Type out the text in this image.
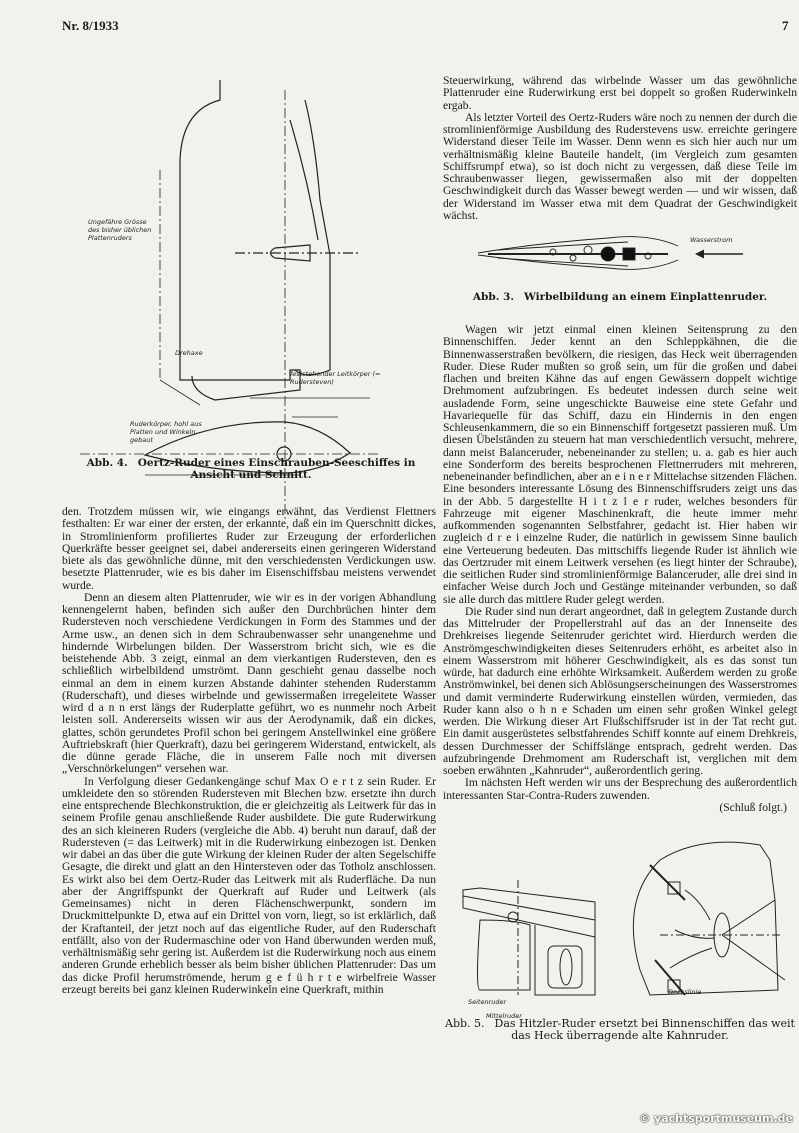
Nr. 8/1933	7
Ungefähre Grösse des bisher üblichen Plattenruders
Drehaxe
feststehender Leitkörper (= Rudersteven)
Ruderkörper, hohl aus Platten und Winkeln gebaut
Abb. 4. Oertz-Ruder eines Einschrauben-Seeschiffes in Ansicht und Schnitt.

den. Trotzdem müssen wir, wie eingangs erwähnt, das Verdienst Flettners festhalten: Er war einer der ersten, der erkannte, daß ein im Querschnitt dickes, in Stromlinienform profiliertes Ruder zur Erzeugung der erforderlichen Querkräfte besser geeignet sei, dabei andererseits einen geringeren Widerstand biete als das gewöhnliche dünne, mit den verschiedensten Verdickungen usw. besetzte Plattenruder, wie es bis daher im Eisenschiffsbau meistens verwendet wurde.

Denn an diesem alten Plattenruder, wie wir es in der vorigen Abhandlung kennengelernt haben, befinden sich außer den Durchbrüchen hinter dem Rudersteven noch verschiedene Verdickungen in Form des Stammes und der Arme usw., an denen sich in dem Schraubenwasser sehr unangenehme und hindernde Wirbelungen bilden. Der Wasserstrom bricht sich, wie es die beistehende Abb. 3 zeigt, einmal an dem vierkantigen Rudersteven, den es schließlich wirbelbildend umströmt. Dann geschieht genau dasselbe noch einmal an dem in einem kurzen Abstande dahinter stehenden Ruderstamm (Ruderschaft), und dieses wirbelnde und gewissermaßen irregeleitete Wasser wird d a n n erst längs der Ruderplatte geführt, wo es nunmehr noch Arbeit leisten soll. Andererseits wissen wir aus der Aerodynamik, daß ein dickes, glattes, schön gerundetes Profil schon bei geringem Anstellwinkel eine größere Auftriebskraft (hier Querkraft), dazu bei geringerem Widerstand, entwickelt, als die dünne gerade Fläche, die in unserem Falle noch mit diversen „Verschnörkelungen“ versehen war.

In Verfolgung dieser Gedankengänge schuf Max O e r t z sein Ruder. Er umkleidete den so störenden Rudersteven mit Blechen bzw. ersetzte ihn durch eine entsprechende Blechkonstruktion, die er gleichzeitig als Leitwerk für das in seinem Profile genau anschließende Ruder ausbildete. Die gute Ruderwirkung des an sich kleineren Ruders (vergleiche die Abb. 4) beruht nun darauf, daß der Rudersteven (= das Leitwerk) mit in die Ruderwirkung einbezogen ist. Denken wir dabei an das über die gute Wirkung der kleinen Ruder der alten Segelschiffe Gesagte, die direkt und glatt an den Hintersteven oder das Totholz anschlossen. Es wirkt also bei dem Oertz-Ruder das Leitwerk mit als Ruderfläche. Da nun aber der Angriffspunkt der Querkraft auf Ruder und Leitwerk (als Gemeinsames) nicht in deren Flächenschwerpunkt, sondern im Druckmittelpunkte D, etwa auf ein Drittel von vorn, liegt, so ist erklärlich, daß der Kraftanteil, der jetzt noch auf das eigentliche Ruder, auf den Ruderschaft entfällt, also von der Rudermaschine oder von Hand überwunden werden muß, verhältnismäßig sehr gering ist. Außerdem ist die Ruderwirkung noch aus einem anderen Grunde erheblich besser als beim bisher üblichen Plattenruder: Das um das dicke Profil herumströmende, herum g e f ü h r t e wirbelfreie Wasser erzeugt bereits bei ganz kleinen Ruderwinkeln eine Querkraft, mithin

Steuerwirkung, während das wirbelnde Wasser um das gewöhnliche Plattenruder eine Ruderwirkung erst bei doppelt so großen Ruderwinkeln ergab.

Als letzter Vorteil des Oertz-Ruders wäre noch zu nennen der durch die stromlinienförmige Ausbildung des Ruderstevens usw. erreichte geringere Widerstand dieser Teile im Wasser. Denn wenn es sich hier auch nur um verhältnismäßig kleine Bauteile handelt, (im Vergleich zum gesamten Schiffsrumpf etwa), so ist doch nicht zu vergessen, daß diese Teile im Schraubenwasser liegen, gewissermaßen also mit der doppelten Geschwindigkeit durch das Wasser bewegt werden — und wir wissen, daß der Widerstand im Wasser etwa mit dem Quadrat der Geschwindigkeit wächst.

Wasserstrom
Abb. 3. Wirbelbildung an einem Einplattenruder.

Wagen wir jetzt einmal einen kleinen Seitensprung zu den Binnenschiffen. Jeder kennt an den Schleppkähnen, die die Binnenwasserstraßen bevölkern, die riesigen, das Heck weit überragenden Ruder. Diese Ruder mußten so groß sein, um für die großen und dabei flachen und breiten Kähne das auf engen Gewässern doppelt wichtige Drehmoment aufzubringen. Es bedeutet indessen durch seine weit ausladende Form, seine ungeschickte Bauweise eine stete Gefahr und Havariequelle für das Schiff, dazu ein Hindernis in den engen Schleusenkammern, die so ein Binnenschiff fortgesetzt passieren muß. Um diesen Übelständen zu steuern hat man verschiedentlich versucht, mehrere, dann meist Balanceruder, nebeneinander zu stellen; u. a. gab es hier auch eine Sonderform des bereits besprochenen Flettnerruders mit mehreren, nebeneinander befindlichen, aber an e i n e r Mittelachse sitzenden Flächen. Eine besonders interessante Lösung des Binnenschiffsruders zeigt uns das in der Abb. 5 dargestellte H i t z l e r ruder, welches besonders für Fahrzeuge mit eigener Maschinenkraft, die heute immer mehr aufkommenden sogenannten Selbstfahrer, gedacht ist. Hier haben wir zugleich d r e i einzelne Ruder, die natürlich in gewissem Sinne baulich eine Verteuerung bedeuten. Das mittschiffs liegende Ruder ist ähnlich wie das Oertzruder mit einem Leitwerk versehen (es liegt hinter der Schraube), die seitlichen Ruder sind stromlinienförmige Balanceruder, alle drei sind in einfacher Weise durch Joch und Gestänge miteinander verbunden, so daß sie alle durch das mittlere Ruder gelegt werden.

Die Ruder sind nun derart angeordnet, daß in gelegtem Zustande durch das Mittelruder der Propellerstrahl auf das an der Innenseite des Drehkreises liegende Seitenruder gerichtet wird. Hierdurch werden die Anströmgeschwindigkeiten dieses Seitenruders erhöht, es arbeitet also in einem Wasserstrom mit höherer Geschwindigkeit, als es das sonst tun würde, hat dadurch eine erhöhte Wirksamkeit. Außerdem werden zu große Anströmwinkel, bei denen sich Ablösungserscheinungen des Wasserstromes und damit verminderte Ruderwirkung einstellen würden, vermieden, das Ruder kann also o h n e Schaden um einen sehr großen Winkel gelegt werden. Die Wirkung dieser Art Flußschiffsruder ist in der Tat recht gut. Ein damit ausgerüstetes selbstfahrendes Schiff konnte auf einem Drehkreis, dessen Durchmesser der Schiffslänge entsprach, gedreht werden. Das aufzubringende Drehmoment am Ruderschaft ist, verglichen mit dem soeben erwähnten „Kahnruder“, außerordentlich gering.

Im nächsten Heft werden wir uns der Besprechung des außerordentlich interessanten Star-Contra-Ruders zuwenden.

(Schluß folgt.)
Seitenruder
Mittelruder
Deckslinie
Abb. 5. Das Hitzler-Ruder ersetzt bei Binnenschiffen das weit das Heck überragende alte Kahnruder.
© yachtsportmuseum.de
